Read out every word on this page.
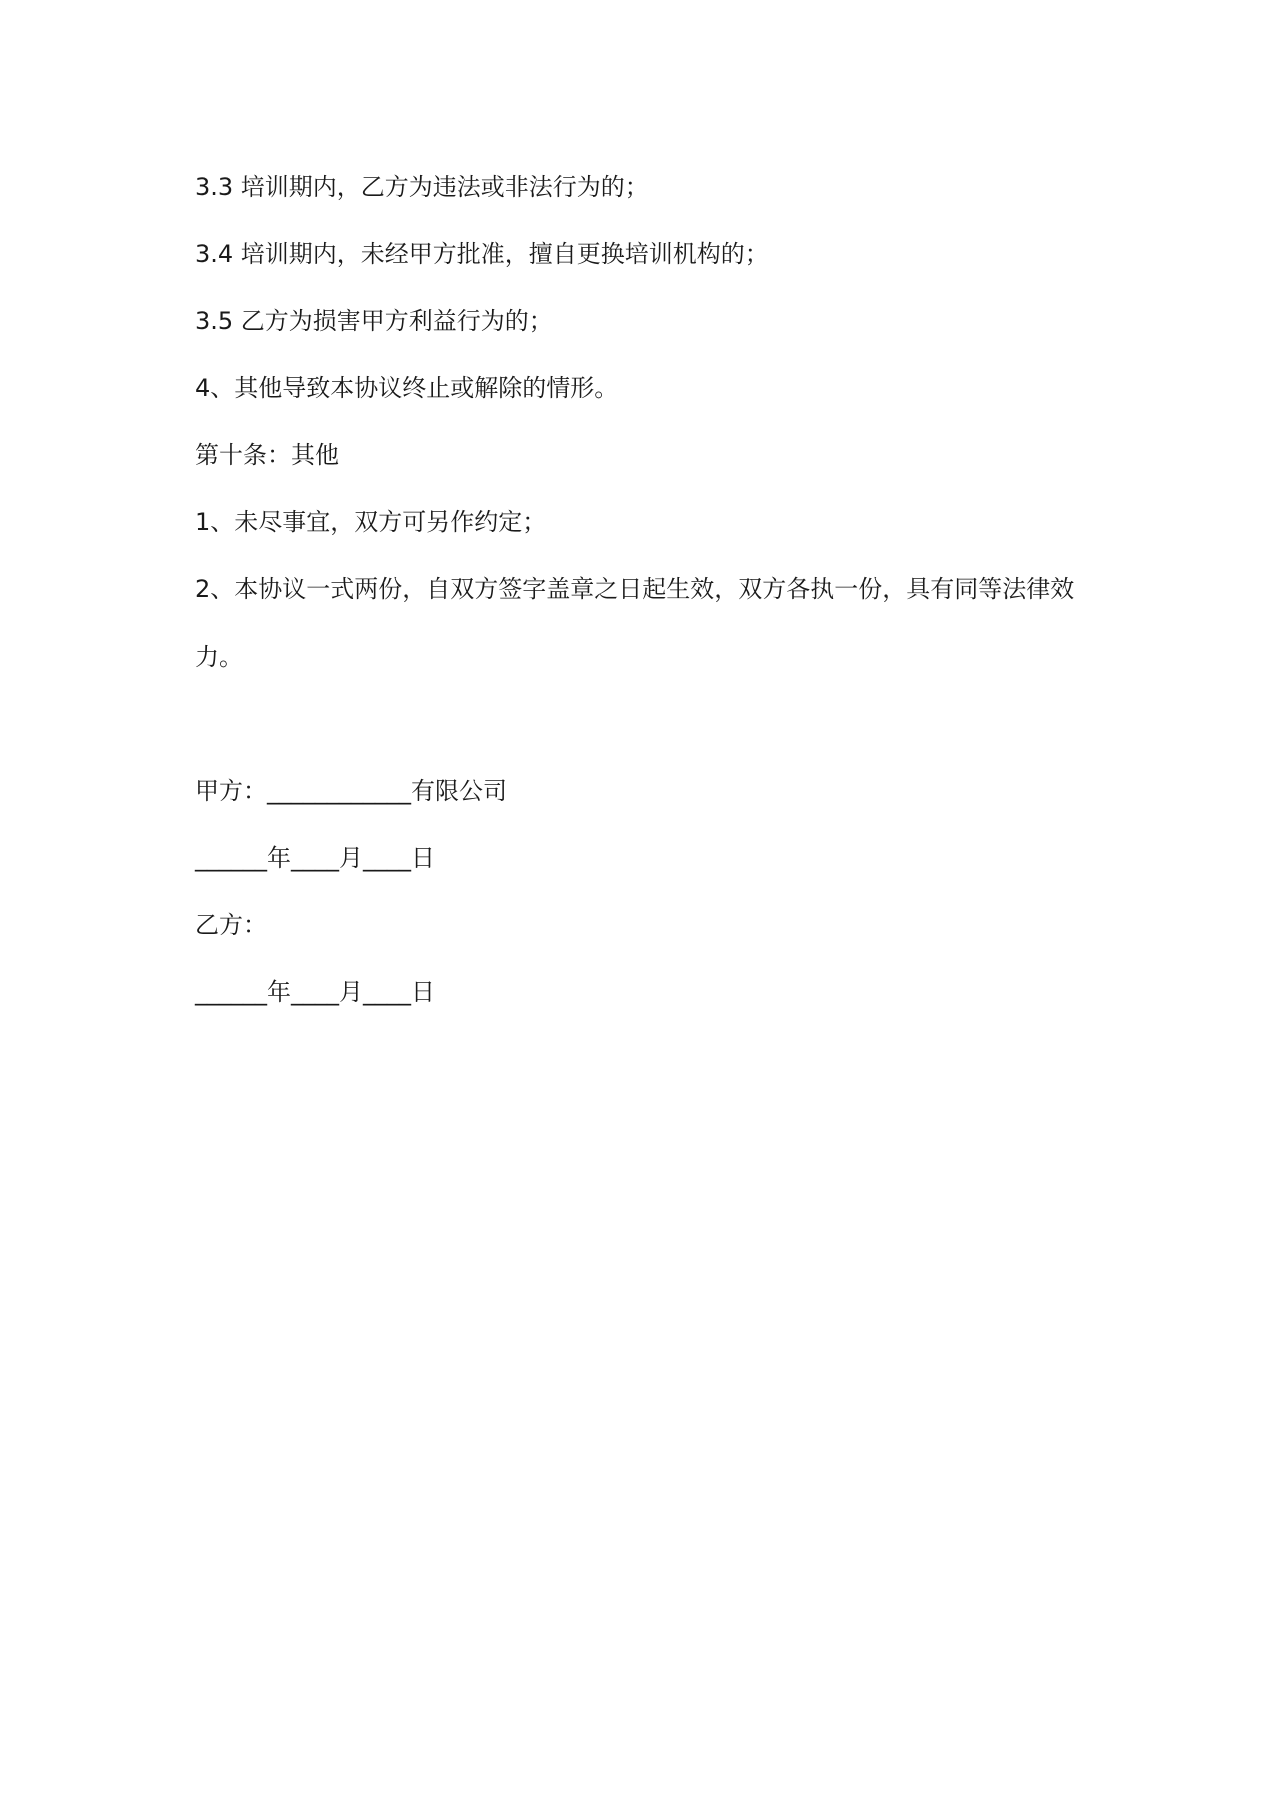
3.3 培训期内，乙方为违法或非法行为的；

3.4 培训期内，未经甲方批准，擅自更换培训机构的；

3.5 乙方为损害甲方利益行为的；

4、其他导致本协议终止或解除的情形。

第十条：其他

1、未尽事宜，双方可另作约定；

2、本协议一式两份，自双方签字盖章之日起生效，双方各执一份，具有同等法律效力。

甲方：____________有限公司

______年____月____日

乙方：

______年____月____日
